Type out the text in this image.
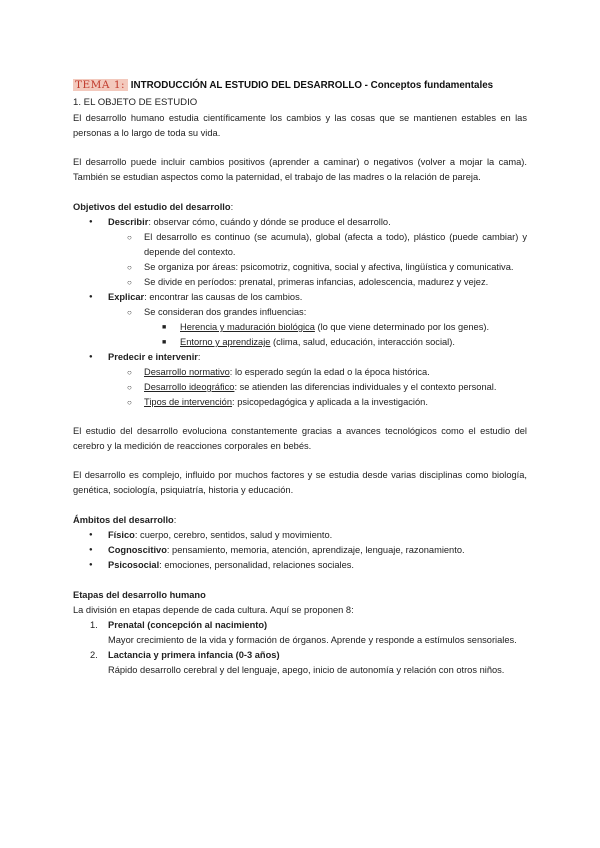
TEMA 1: INTRODUCCIÓN AL ESTUDIO DEL DESARROLLO - Conceptos fundamentales
1. EL OBJETO DE ESTUDIO

El desarrollo humano estudia científicamente los cambios y las cosas que se mantienen estables en las personas a lo largo de toda su vida.

El desarrollo puede incluir cambios positivos (aprender a caminar) o negativos (volver a mojar la cama). También se estudian aspectos como la paternidad, el trabajo de las madres o la relación de pareja.

Objetivos del estudio del desarrollo:
● Describir: observar cómo, cuándo y dónde se produce el desarrollo.
○ El desarrollo es continuo (se acumula), global (afecta a todo), plástico (puede cambiar) y depende del contexto.
○ Se organiza por áreas: psicomotriz, cognitiva, social y afectiva, lingüística y comunicativa.
○ Se divide en períodos: prenatal, primeras infancias, adolescencia, madurez y vejez.
● Explicar: encontrar las causas de los cambios.
○ Se consideran dos grandes influencias:
■ Herencia y maduración biológica (lo que viene determinado por los genes).
■ Entorno y aprendizaje (clima, salud, educación, interacción social).
● Predecir e intervenir:
○ Desarrollo normativo: lo esperado según la edad o la época histórica.
○ Desarrollo ideográfico: se atienden las diferencias individuales y el contexto personal.
○ Tipos de intervención: psicopedagógica y aplicada a la investigación.

El estudio del desarrollo evoluciona constantemente gracias a avances tecnológicos como el estudio del cerebro y la medición de reacciones corporales en bebés.

El desarrollo es complejo, influido por muchos factores y se estudia desde varias disciplinas como biología, genética, sociología, psiquiatría, historia y educación.

Ámbitos del desarrollo:
● Físico: cuerpo, cerebro, sentidos, salud y movimiento.
● Cognoscitivo: pensamiento, memoria, atención, aprendizaje, lenguaje, razonamiento.
● Psicosocial: emociones, personalidad, relaciones sociales.
Etapas del desarrollo humano

La división en etapas depende de cada cultura. Aquí se proponen 8:

1. Prenatal (concepción al nacimiento)

Mayor crecimiento de la vida y formación de órganos. Aprende y responde a estímulos sensoriales.

2. Lactancia y primera infancia (0-3 años)

Rápido desarrollo cerebral y del lenguaje, apego, inicio de autonomía y relación con otros niños.
